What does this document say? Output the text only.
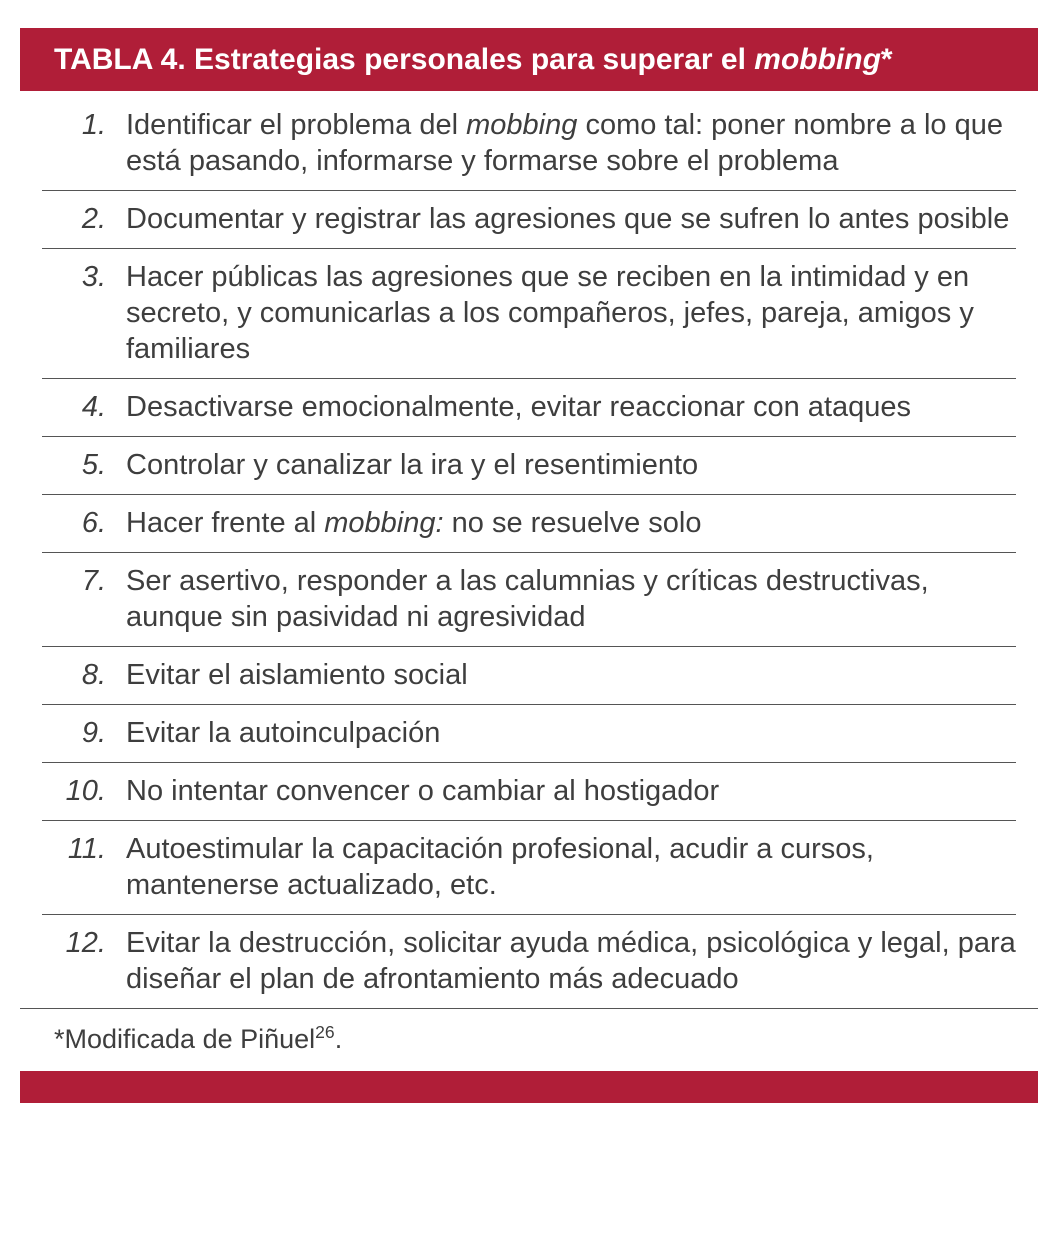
TABLA 4. Estrategias personales para superar el mobbing*
1. Identificar el problema del mobbing como tal: poner nombre a lo que está pasando, informarse y formarse sobre el problema
2. Documentar y registrar las agresiones que se sufren lo antes posible
3. Hacer públicas las agresiones que se reciben en la intimidad y en secreto, y comunicarlas a los compañeros, jefes, pareja, amigos y familiares
4. Desactivarse emocionalmente, evitar reaccionar con ataques
5. Controlar y canalizar la ira y el resentimiento
6. Hacer frente al mobbing: no se resuelve solo
7. Ser asertivo, responder a las calumnias y críticas destructivas, aunque sin pasividad ni agresividad
8. Evitar el aislamiento social
9. Evitar la autoinculpación
10. No intentar convencer o cambiar al hostigador
11. Autoestimular la capacitación profesional, acudir a cursos, mantenerse actualizado, etc.
12. Evitar la destrucción, solicitar ayuda médica, psicológica y legal, para diseñar el plan de afrontamiento más adecuado
*Modificada de Piñuel$^{26}$.
